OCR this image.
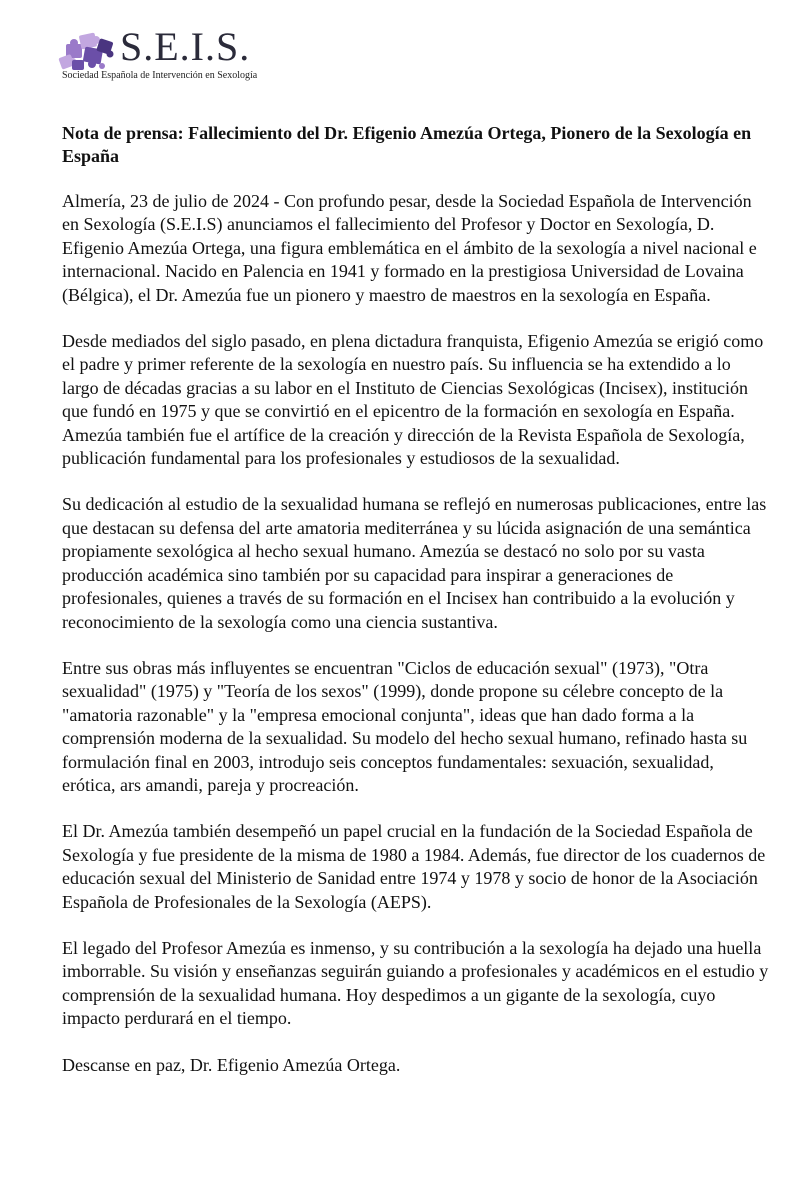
S.E.I.S.
Sociedad Española de Intervención en Sexología
Nota de prensa: Fallecimiento del Dr. Efigenio Amezúa Ortega, Pionero de la Sexología en España

Almería, 23 de julio de 2024 - Con profundo pesar, desde la Sociedad Española de Intervención en Sexología (S.E.I.S) anunciamos el fallecimiento del Profesor y Doctor en Sexología, D. Efigenio Amezúa Ortega, una figura emblemática en el ámbito de la sexología a nivel nacional e internacional. Nacido en Palencia en 1941 y formado en la prestigiosa Universidad de Lovaina (Bélgica), el Dr. Amezúa fue un pionero y maestro de maestros en la sexología en España.

Desde mediados del siglo pasado, en plena dictadura franquista, Efigenio Amezúa se erigió como el padre y primer referente de la sexología en nuestro país. Su influencia se ha extendido a lo largo de décadas gracias a su labor en el Instituto de Ciencias Sexológicas (Incisex), institución que fundó en 1975 y que se convirtió en el epicentro de la formación en sexología en España. Amezúa también fue el artífice de la creación y dirección de la Revista Española de Sexología, publicación fundamental para los profesionales y estudiosos de la sexualidad.

Su dedicación al estudio de la sexualidad humana se reflejó en numerosas publicaciones, entre las que destacan su defensa del arte amatoria mediterránea y su lúcida asignación de una semántica propiamente sexológica al hecho sexual humano. Amezúa se destacó no solo por su vasta producción académica sino también por su capacidad para inspirar a generaciones de profesionales, quienes a través de su formación en el Incisex han contribuido a la evolución y reconocimiento de la sexología como una ciencia sustantiva.

Entre sus obras más influyentes se encuentran "Ciclos de educación sexual" (1973), "Otra sexualidad" (1975) y "Teoría de los sexos" (1999), donde propone su célebre concepto de la "amatoria razonable" y la "empresa emocional conjunta", ideas que han dado forma a la comprensión moderna de la sexualidad. Su modelo del hecho sexual humano, refinado hasta su formulación final en 2003, introdujo seis conceptos fundamentales: sexuación, sexualidad, erótica, ars amandi, pareja y procreación.

El Dr. Amezúa también desempeñó un papel crucial en la fundación de la Sociedad Española de Sexología y fue presidente de la misma de 1980 a 1984. Además, fue director de los cuadernos de educación sexual del Ministerio de Sanidad entre 1974 y 1978 y socio de honor de la Asociación Española de Profesionales de la Sexología (AEPS).

El legado del Profesor Amezúa es inmenso, y su contribución a la sexología ha dejado una huella imborrable. Su visión y enseñanzas seguirán guiando a profesionales y académicos en el estudio y comprensión de la sexualidad humana. Hoy despedimos a un gigante de la sexología, cuyo impacto perdurará en el tiempo.

Descanse en paz, Dr. Efigenio Amezúa Ortega.
